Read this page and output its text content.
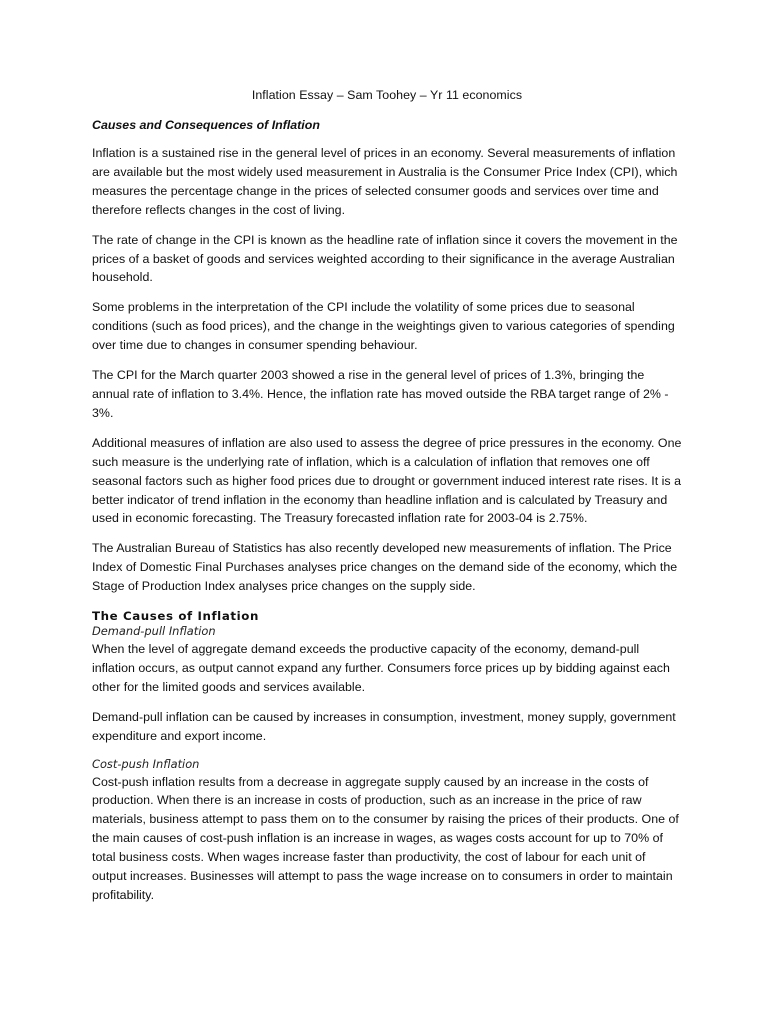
Inflation Essay – Sam Toohey – Yr 11 economics
Causes and Consequences of Inflation

Inflation is a sustained rise in the general level of prices in an economy. Several measurements of inflation are available but the most widely used measurement in Australia is the Consumer Price Index (CPI), which measures the percentage change in the prices of selected consumer goods and services over time and therefore reflects changes in the cost of living.

The rate of change in the CPI is known as the headline rate of inflation since it covers the movement in the prices of a basket of goods and services weighted according to their significance in the average Australian household.

Some problems in the interpretation of the CPI include the volatility of some prices due to seasonal conditions (such as food prices), and the change in the weightings given to various categories of spending over time due to changes in consumer spending behaviour.

The CPI for the March quarter 2003 showed a rise in the general level of prices of 1.3%, bringing the annual rate of inflation to 3.4%. Hence, the inflation rate has moved outside the RBA target range of 2% - 3%.

Additional measures of inflation are also used to assess the degree of price pressures in the economy. One such measure is the underlying rate of inflation, which is a calculation of inflation that removes one off seasonal factors such as higher food prices due to drought or government induced interest rate rises. It is a better indicator of trend inflation in the economy than headline inflation and is calculated by Treasury and used in economic forecasting. The Treasury forecasted inflation rate for 2003-04 is 2.75%.

The Australian Bureau of Statistics has also recently developed new measurements of inflation. The Price Index of Domestic Final Purchases analyses price changes on the demand side of the economy, which the Stage of Production Index analyses price changes on the supply side.

The Causes of Inflation
Demand-pull Inflation

When the level of aggregate demand exceeds the productive capacity of the economy, demand-pull inflation occurs, as output cannot expand any further. Consumers force prices up by bidding against each other for the limited goods and services available.

Demand-pull inflation can be caused by increases in consumption, investment, money supply, government expenditure and export income.

Cost-push Inflation

Cost-push inflation results from a decrease in aggregate supply caused by an increase in the costs of production. When there is an increase in costs of production, such as an increase in the price of raw materials, business attempt to pass them on to the consumer by raising the prices of their products. One of the main causes of cost-push inflation is an increase in wages, as wages costs account for up to 70% of total business costs. When wages increase faster than productivity, the cost of labour for each unit of output increases. Businesses will attempt to pass the wage increase on to consumers in order to maintain profitability.
